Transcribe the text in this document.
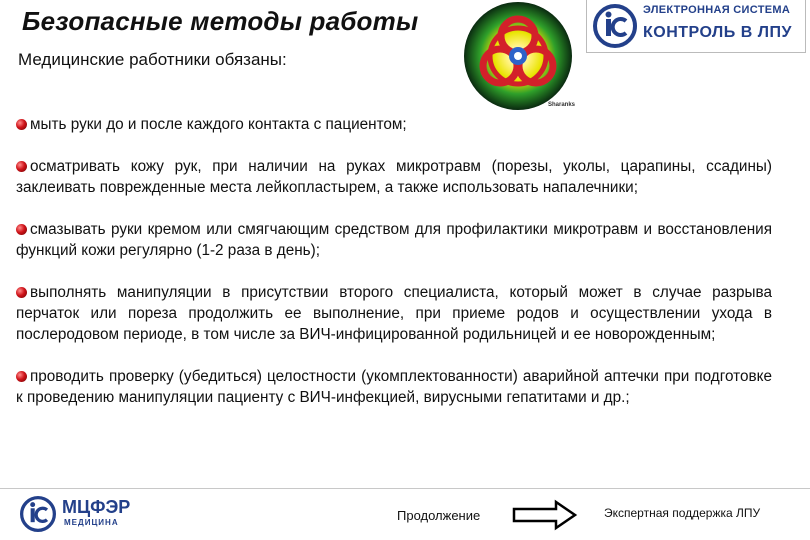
Безопасные методы работы
Медицинские работники обязаны:
Sharanks
ЭЛЕКТРОННАЯ СИСТЕМА
КОНТРОЛЬ В ЛПУ
мыть руки до и после каждого контакта с пациентом;
осматривать кожу рук, при наличии на руках микротравм (порезы, уколы, царапины, ссадины) заклеивать поврежденные места лейкопластырем, а также использовать напалечники;
смазывать руки кремом или смягчающим средством для профилактики микротравм и восстановления функций кожи регулярно (1-2 раза в день);
выполнять манипуляции в присутствии второго специалиста, который может в случае разрыва перчаток или пореза продолжить ее выполнение, при приеме родов и осуществлении ухода в послеродовом периоде, в том числе за ВИЧ-инфицированной родильницей и ее новорожденным;
проводить проверку (убедиться) целостности (укомплектованности) аварийной аптечки при подготовке к проведению манипуляции пациенту с ВИЧ-инфекцией, вирусными гепатитами и др.;
МЦФЭР
МЕДИЦИНА	Продолжение	Экспертная поддержка ЛПУ
